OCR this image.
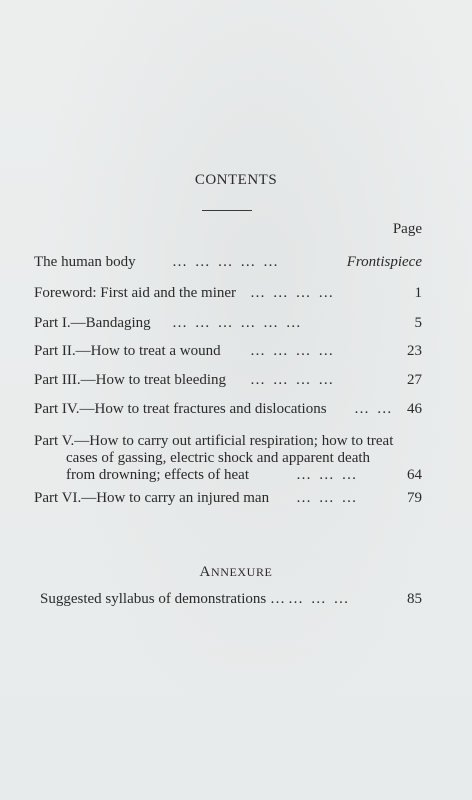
CONTENTS
Page
The human body … … … … …	Frontispiece
Foreword: First aid and the miner … … … …	1
Part I.—Bandaging … … … … … …	5
Part II.—How to treat a wound … … … …	23
Part III.—How to treat bleeding … … … …	27
Part IV.—How to treat fractures and dislocations … … 46
Part V.—How to carry out artificial respiration; how to treat
cases of gassing, electric shock and apparent death
from drowning; effects of heat	… … …	64
Part VI.—How to carry an injured man … … …	79
ANNEXURE
Suggested syllabus of demonstrations … … … …	85
